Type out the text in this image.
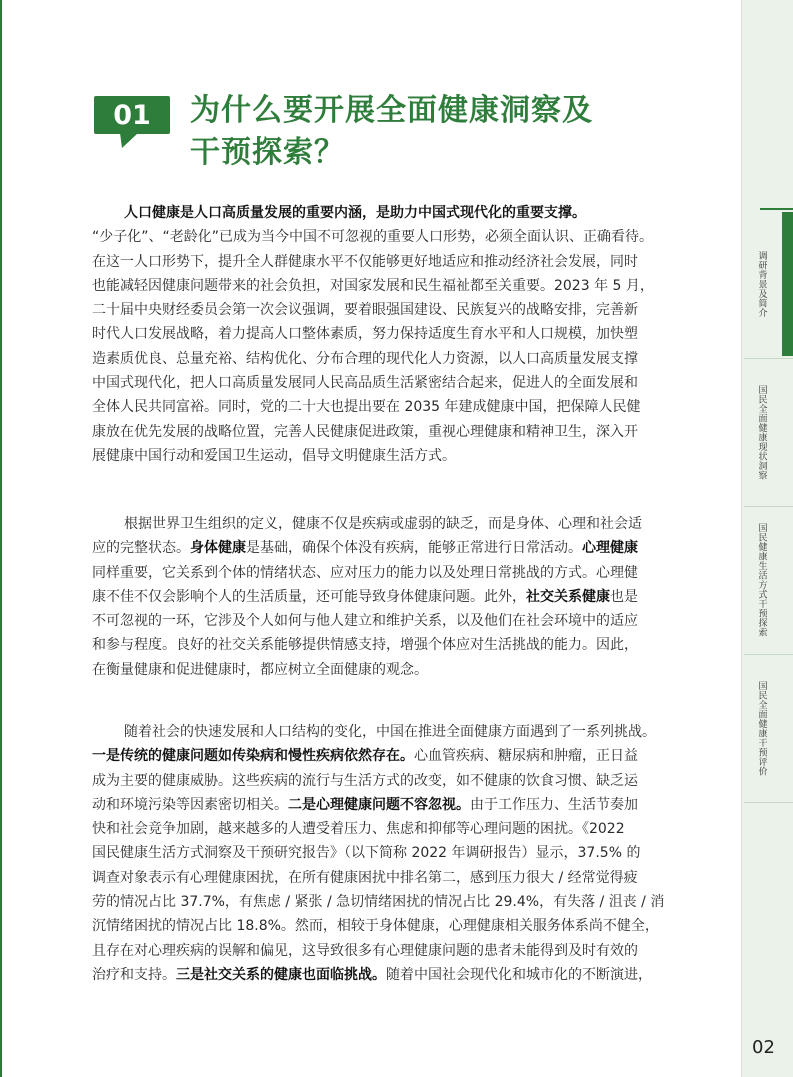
调研背景及简介
国民全面健康现状洞察
国民健康生活方式干预探索
国民全面健康干预评价
01	为什么要开展全面健康洞察及
干预探索？
人口健康是人口高质量发展的重要内涵，是助力中国式现代化的重要支撑。
“少子化”、“老龄化”已成为当今中国不可忽视的重要人口形势，必须全面认识、正确看待。
在这一人口形势下，提升全人群健康水平不仅能够更好地适应和推动经济社会发展，同时
也能减轻因健康问题带来的社会负担，对国家发展和民生福祉都至关重要。2023 年 5 月，
二十届中央财经委员会第一次会议强调，要着眼强国建设、民族复兴的战略安排，完善新
时代人口发展战略，着力提高人口整体素质，努力保持适度生育水平和人口规模，加快塑
造素质优良、总量充裕、结构优化、分布合理的现代化人力资源，以人口高质量发展支撑
中国式现代化，把人口高质量发展同人民高品质生活紧密结合起来，促进人的全面发展和
全体人民共同富裕。同时，党的二十大也提出要在 2035 年建成健康中国，把保障人民健
康放在优先发展的战略位置，完善人民健康促进政策，重视心理健康和精神卫生，深入开
展健康中国行动和爱国卫生运动，倡导文明健康生活方式。
根据世界卫生组织的定义，健康不仅是疾病或虚弱的缺乏，而是身体、心理和社会适
应的完整状态。身体健康是基础，确保个体没有疾病，能够正常进行日常活动。心理健康
同样重要，它关系到个体的情绪状态、应对压力的能力以及处理日常挑战的方式。心理健
康不佳不仅会影响个人的生活质量，还可能导致身体健康问题。此外，社交关系健康也是
不可忽视的一环，它涉及个人如何与他人建立和维护关系，以及他们在社会环境中的适应
和参与程度。良好的社交关系能够提供情感支持，增强个体应对生活挑战的能力。因此，
在衡量健康和促进健康时，都应树立全面健康的观念。
随着社会的快速发展和人口结构的变化，中国在推进全面健康方面遇到了一系列挑战。
一是传统的健康问题如传染病和慢性疾病依然存在。心血管疾病、糖尿病和肿瘤，正日益
成为主要的健康威胁。这些疾病的流行与生活方式的改变，如不健康的饮食习惯、缺乏运
动和环境污染等因素密切相关。二是心理健康问题不容忽视。由于工作压力、生活节奏加
快和社会竞争加剧，越来越多的人遭受着压力、焦虑和抑郁等心理问题的困扰。《2022
国民健康生活方式洞察及干预研究报告》（以下简称 2022 年调研报告）显示，37.5% 的
调查对象表示有心理健康困扰，在所有健康困扰中排名第二，感到压力很大 / 经常觉得疲
劳的情况占比 37.7%，有焦虑 / 紧张 / 急切情绪困扰的情况占比 29.4%，有失落 / 沮丧 / 消
沉情绪困扰的情况占比 18.8%。然而，相较于身体健康，心理健康相关服务体系尚不健全，
且存在对心理疾病的误解和偏见，这导致很多有心理健康问题的患者未能得到及时有效的
治疗和支持。三是社交关系的健康也面临挑战。随着中国社会现代化和城市化的不断演进，
02
